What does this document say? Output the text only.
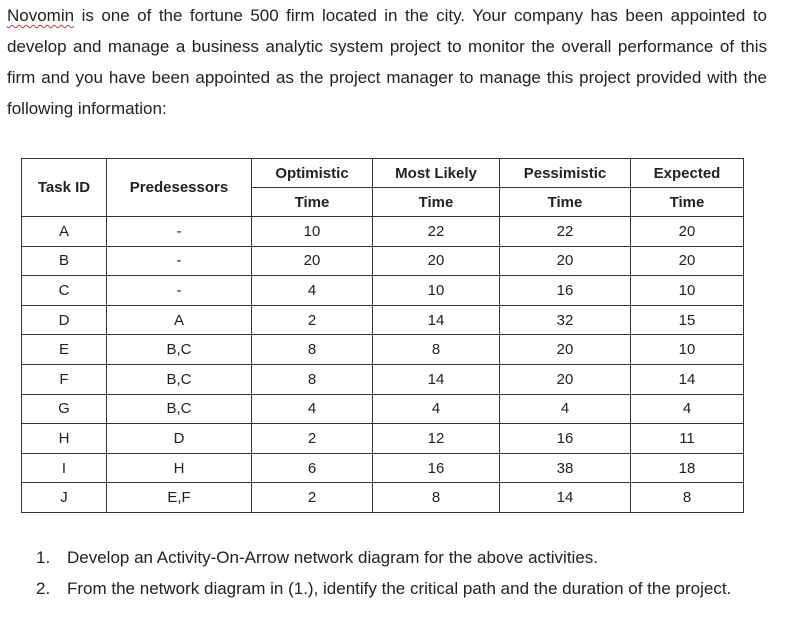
Novomin is one of the fortune 500 firm located in the city. Your company has been appointed to develop and manage a business analytic system project to monitor the overall performance of this firm and you have been appointed as the project manager to manage this project provided with the following information:

Task ID	Predesessors	Optimistic	Most Likely	Pessimistic	Expected
		Time	Time	Time	Time
A	-	10	22	22	20
B	-	20	20	20	20
C	-	4	10	16	10
D	A	2	14	32	15
E	B,C	8	8	20	10
F	B,C	8	14	20	14
G	B,C	4	4	4	4
H	D	2	12	16	11
I	H	6	16	38	18
J	E,F	2	8	14	8
1. Develop an Activity-On-Arrow network diagram for the above activities.
2. From the network diagram in (1.), identify the critical path and the duration of the project.
